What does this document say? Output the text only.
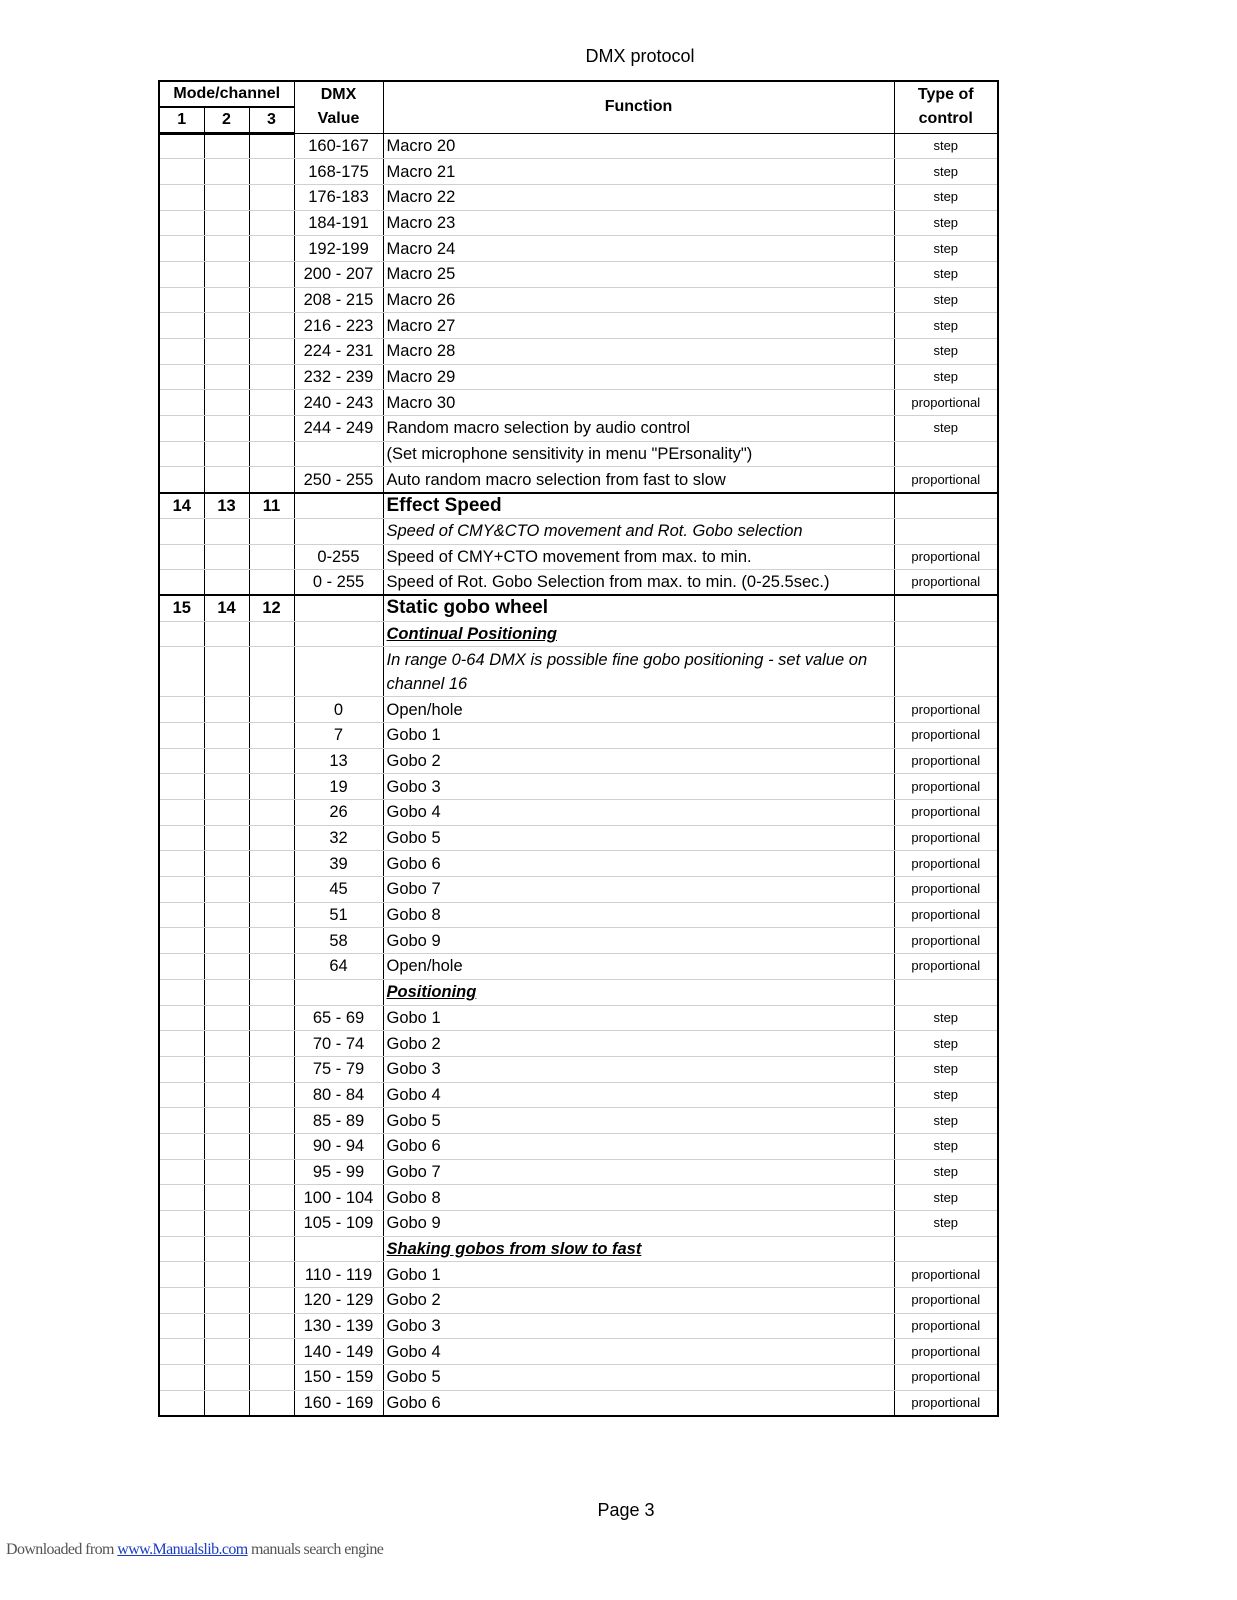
DMX protocol
Mode/channel			DMX
Value	Function	Type of
control
1	2	3			
			160-167	Macro 20	step
			168-175	Macro 21	step
			176-183	Macro 22	step
			184-191	Macro 23	step
			192-199	Macro 24	step
			200 - 207	Macro 25	step
			208 - 215	Macro 26	step
			216 - 223	Macro 27	step
			224 - 231	Macro 28	step
			232 - 239	Macro 29	step
			240 - 243	Macro 30	proportional
			244 - 249	Random macro selection by audio control	step
				(Set microphone sensitivity in menu "PErsonality")	
			250 - 255	Auto random macro selection from fast to slow	proportional
14	13	11		Effect Speed	
				Speed of CMY&CTO movement and Rot. Gobo selection	
			0-255	Speed of CMY+CTO movement from max. to min.	proportional
			0 - 255	Speed of Rot. Gobo Selection from max. to min. (0-25.5sec.)	proportional
15	14	12		Static gobo wheel	
				Continual Positioning	
				In range 0-64 DMX is possible fine gobo positioning - set value on channel 16	
			0	Open/hole	proportional
			7	Gobo 1	proportional
			13	Gobo 2	proportional
			19	Gobo 3	proportional
			26	Gobo 4	proportional
			32	Gobo 5	proportional
			39	Gobo 6	proportional
			45	Gobo 7	proportional
			51	Gobo 8	proportional
			58	Gobo 9	proportional
			64	Open/hole	proportional
				Positioning	
			65 - 69	Gobo 1	step
			70 - 74	Gobo 2	step
			75 - 79	Gobo 3	step
			80 - 84	Gobo 4	step
			85 - 89	Gobo 5	step
			90 - 94	Gobo 6	step
			95 - 99	Gobo 7	step
			100 - 104	Gobo 8	step
			105 - 109	Gobo 9	step
				Shaking gobos from slow to fast	
			110 - 119	Gobo 1	proportional
			120 - 129	Gobo 2	proportional
			130 - 139	Gobo 3	proportional
			140 - 149	Gobo 4	proportional
			150 - 159	Gobo 5	proportional
			160 - 169	Gobo 6	proportional
Page 3
Downloaded from www.Manualslib.com manuals search engine
